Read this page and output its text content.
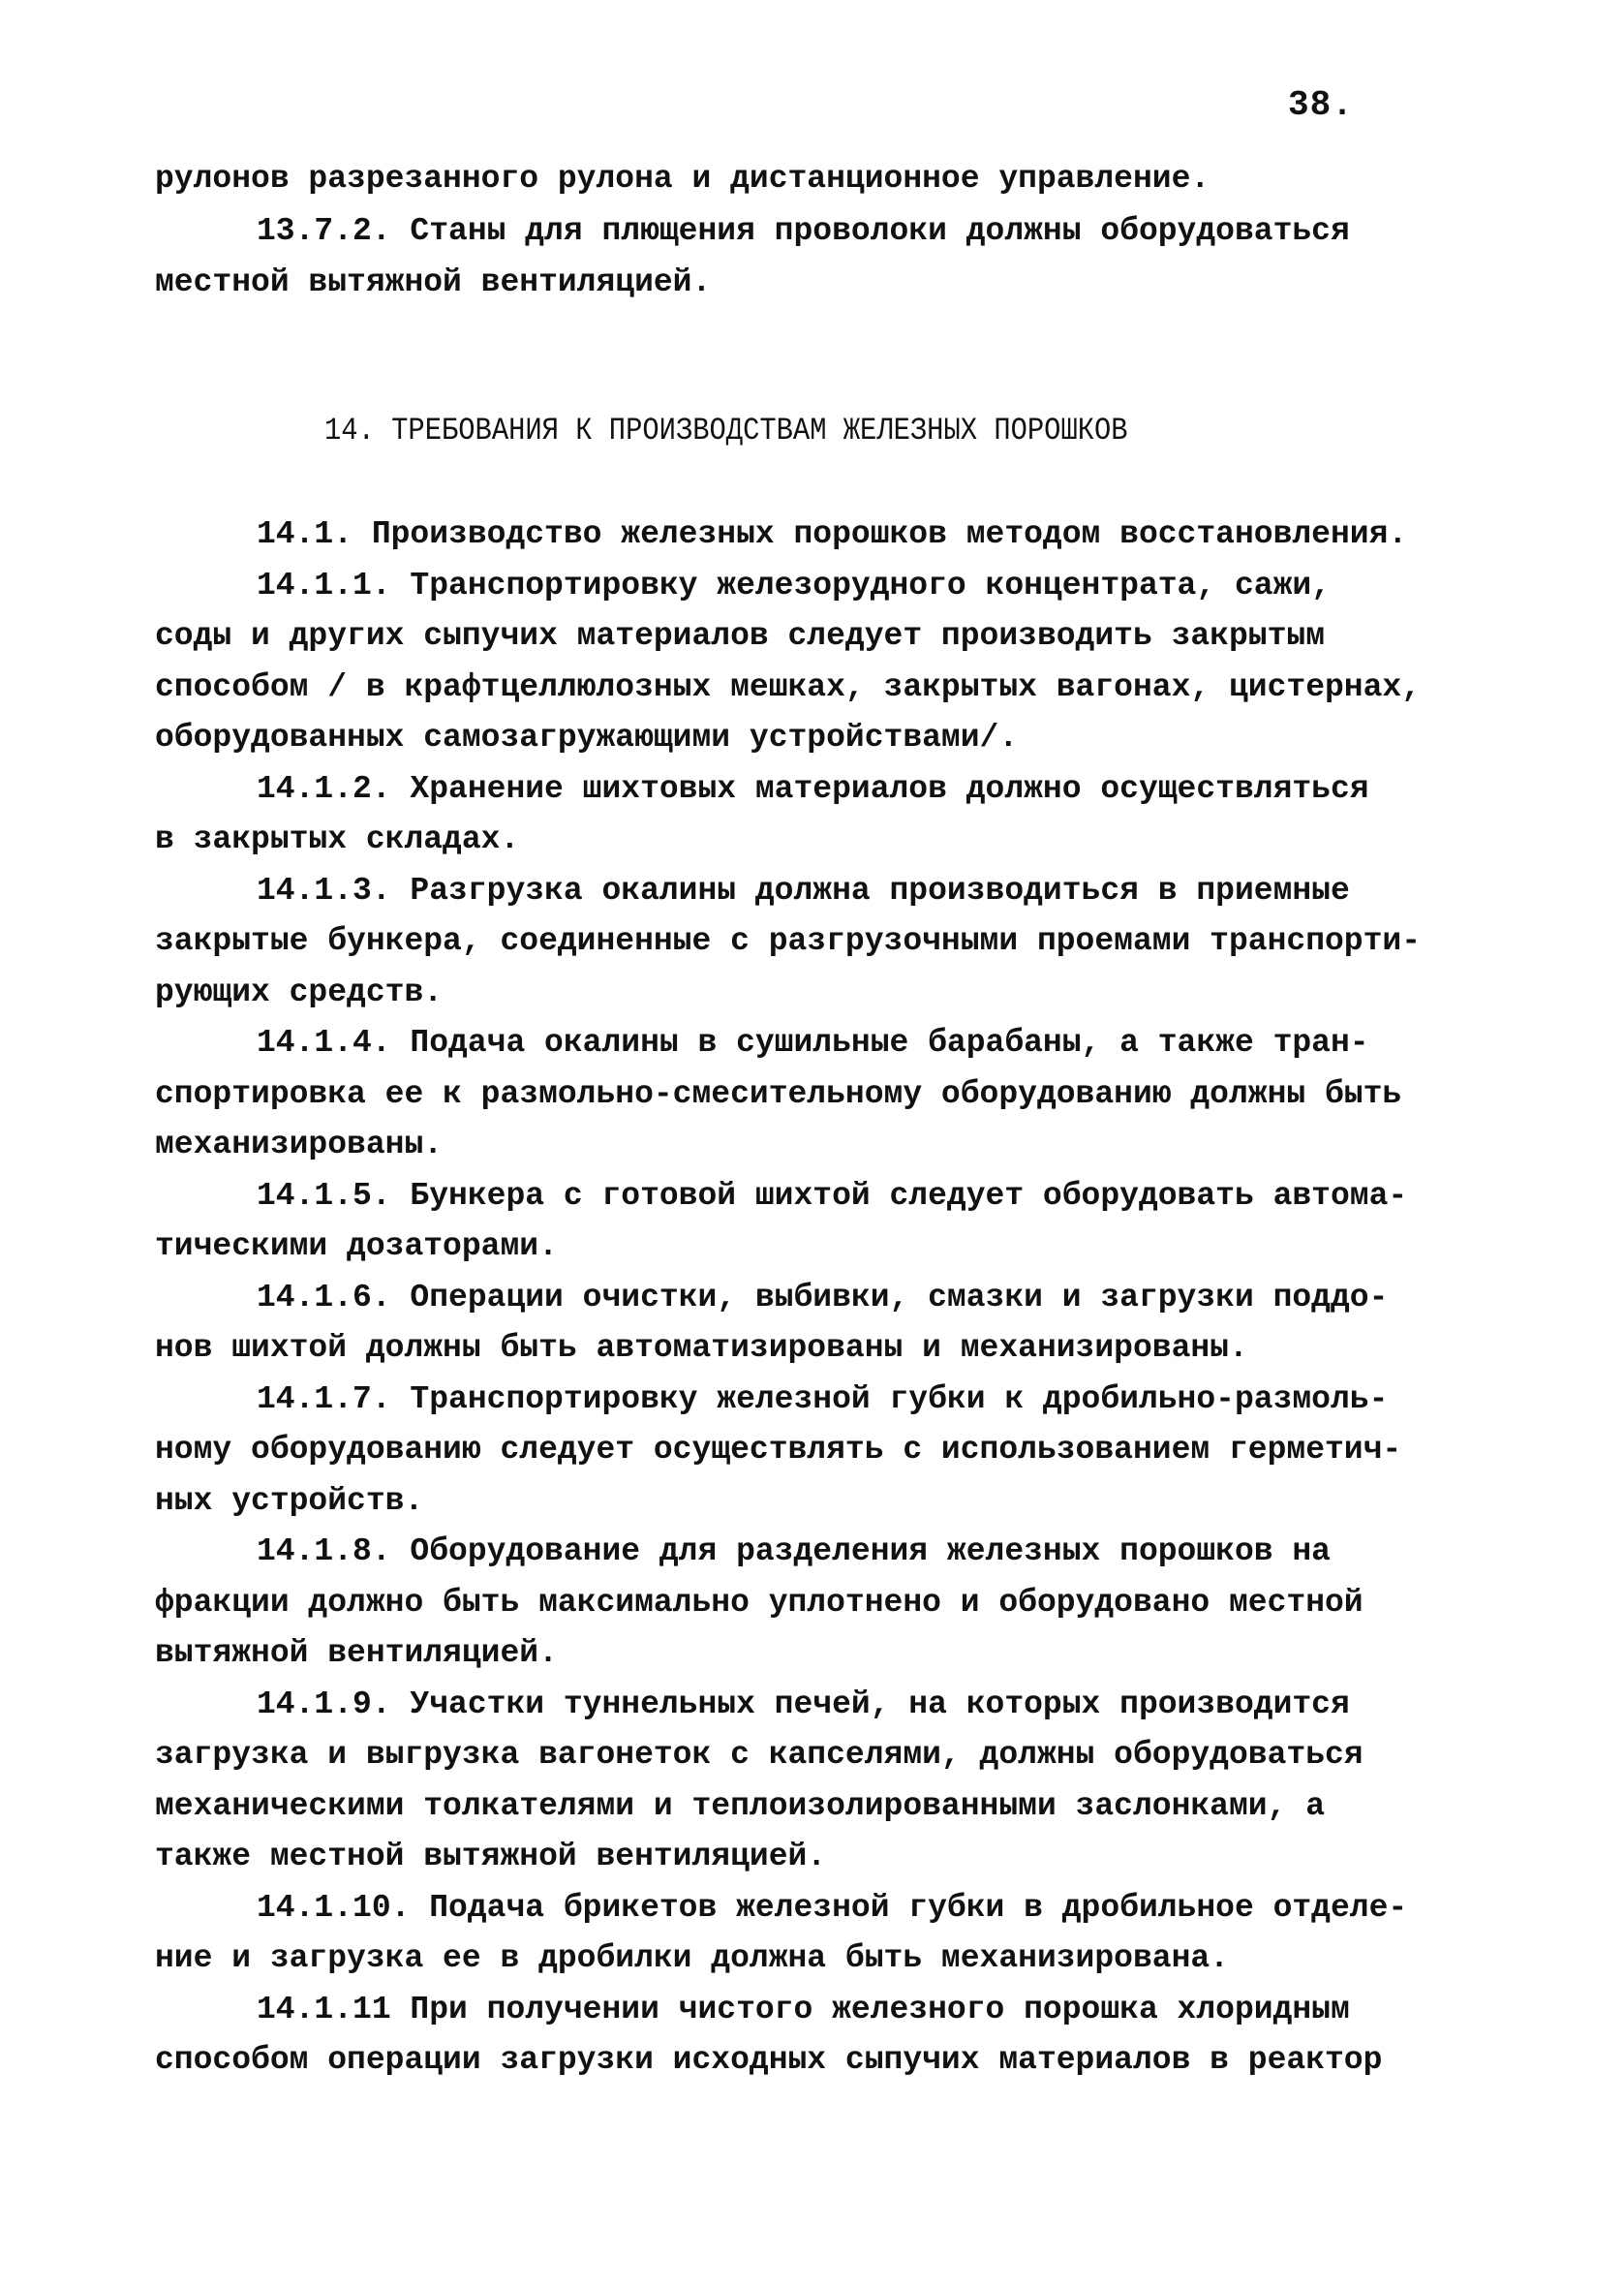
38.
рулонов разрезанного рулона и дистанционное управление.
13.7.2. Станы для плющения проволоки должны оборудоваться
местной вытяжной вентиляцией.
14. ТРЕБОВАНИЯ К ПРОИЗВОДСТВАМ ЖЕЛЕЗНЫХ ПОРОШКОВ
14.1. Производство железных порошков методом восстановления.
14.1.1. Транспортировку железорудного концентрата, сажи,
соды и других сыпучих материалов следует производить закрытым
способом / в крафтцеллюлозных мешках, закрытых вагонах, цистернах,
оборудованных самозагружающими устройствами/.
14.1.2. Хранение шихтовых материалов должно осуществляться
в закрытых складах.
14.1.3. Разгрузка окалины должна производиться в приемные
закрытые бункера, соединенные с разгрузочными проемами транспорти-
рующих средств.
14.1.4. Подача окалины в сушильные барабаны, а также тран-
спортировка ее к размольно-смесительному оборудованию должны быть
механизированы.
14.1.5. Бункера с готовой шихтой следует оборудовать автома-
тическими дозаторами.
14.1.6. Операции очистки, выбивки, смазки и загрузки поддо-
нов шихтой должны быть автоматизированы и механизированы.
14.1.7. Транспортировку железной губки к дробильно-размоль-
ному оборудованию следует осуществлять с использованием герметич-
ных устройств.
14.1.8. Оборудование для разделения железных порошков на
фракции должно быть максимально уплотнено и оборудовано местной
вытяжной вентиляцией.
14.1.9. Участки туннельных печей, на которых производится
загрузка и выгрузка вагонеток с капселями, должны оборудоваться
механическими толкателями и теплоизолированными заслонками, а
также местной вытяжной вентиляцией.
14.1.10. Подача брикетов железной губки в дробильное отделе-
ние и загрузка ее в дробилки должна быть механизирована.
14.1.11 При получении чистого железного порошка хлоридным
способом операции загрузки исходных сыпучих материалов в реактор
